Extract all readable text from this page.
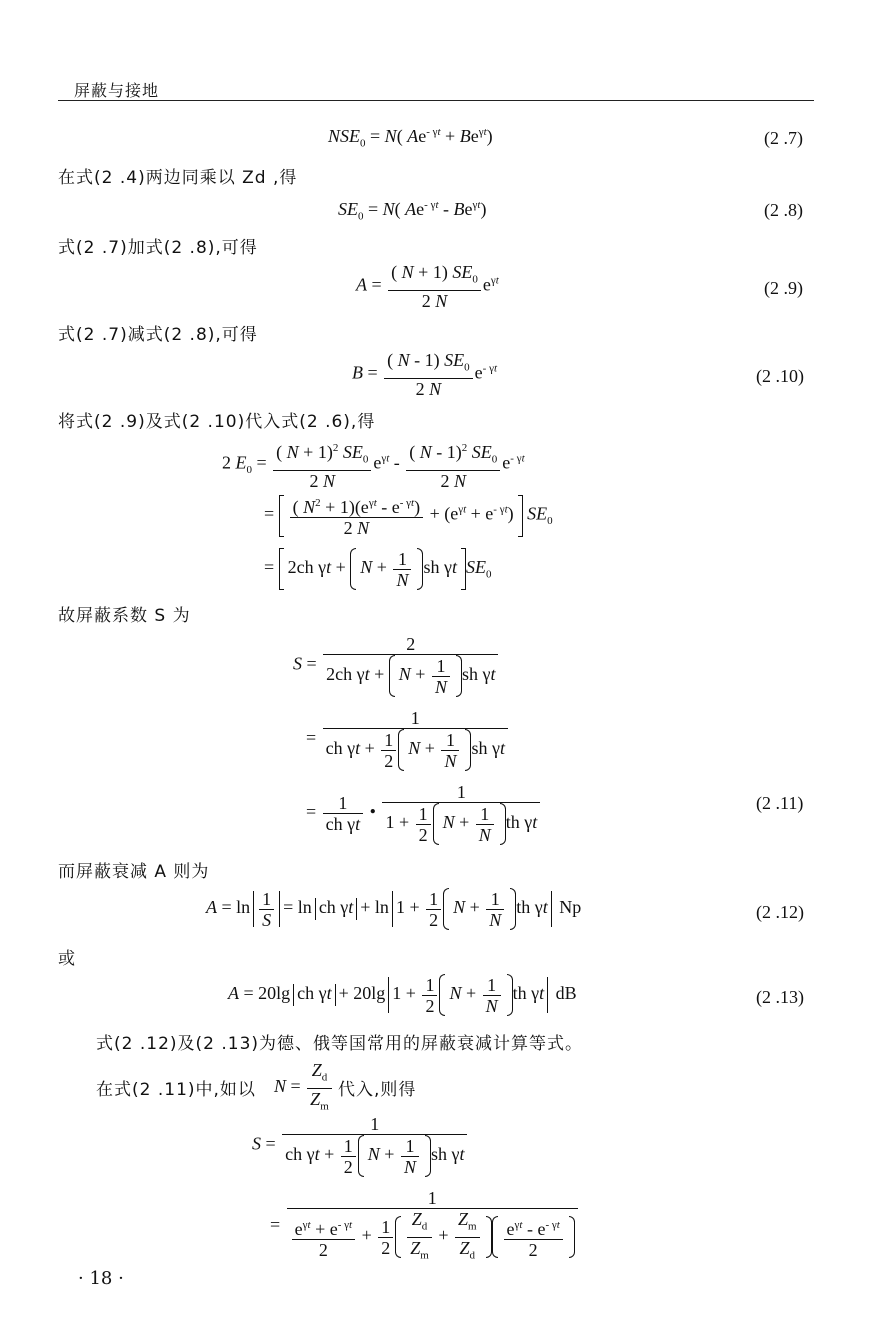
屏蔽与接地
$NSE_0 = N$( $Ae^{- \gamma t} + Be^{\gamma t}$)	(2 .7)
在式(2 .4)两边同乘以 Zd ,得
$SE_0 = N$( $Ae^{- \gamma t} - Be^{\gamma t}$)	(2 .8)
式(2 .7)加式(2 .8),可得
$A = \frac{( N + 1) SE_0}{2 N} e^{\gamma t}$	(2 .9)
式(2 .7)减式(2 .8),可得
$B = \frac{( N - 1) SE_0}{2 N} e^{- \gamma t}$	(2 .10)
将式(2 .9)及式(2 .10)代入式(2 .6),得
2 $E_0 = \frac{( N + 1)^2 SE_0}{2 N} e^{\gamma t} - \frac{( N - 1)^2 SE_0}{2 N} e^{- \gamma t}$
= $\frac{( N^2 + 1)(e^{\gamma t} - e^{- \gamma t})}{2 N} + (e^{\gamma t} + e^{- \gamma t})$ $SE_0$
= 2ch $\gamma t + N + \frac{1}{N}$ sh γt $SE_0$
故屏蔽系数 S 为
$S = \frac{2}{2ch \gamma t + N + \frac{1}{N} sh \gamma t}$
= $\frac{1}{ch \gamma t + \frac{1}{2} N + \frac{1}{N} sh \gamma t}$
= $\frac{1}{\text{ch γt}}$ • $\frac{1}{1 + \frac{1}{2} N + \frac{1}{N} th \gamma t}$	(2 .11)
而屏蔽衰减 A 则为
$A = \ln \frac{1}{S} = \ln$ ch $\gamma t + \ln 1 + \frac{1}{2}$ $N + \frac{1}{N}$ th γt Np	(2 .12)
或
A = 20lg ch γt + 20lg $1 + \frac{1}{2}$ $N + \frac{1}{N}$ th γt dB	(2 .13)
式(2 .12)及(2 .13)为德、俄等国常用的屏蔽衰减计算等式。
在式(2 .11)中,如以 $N = \frac{Z_d}{Z_m}$ 代入,则得
$S = \frac{1}{ch \gamma t + \frac{1}{2} N + \frac{1}{N} sh \gamma t}$
= $\frac{1}{\frac{e^{\gamma t} + e^{- \gamma t}}{2} + \frac{1}{2} \frac{Z_d}{Z_m} + \frac{Z_m}{Z_d} \frac{e^{\gamma t} - e^{- \gamma t}}{2}}$
· 18 ·
